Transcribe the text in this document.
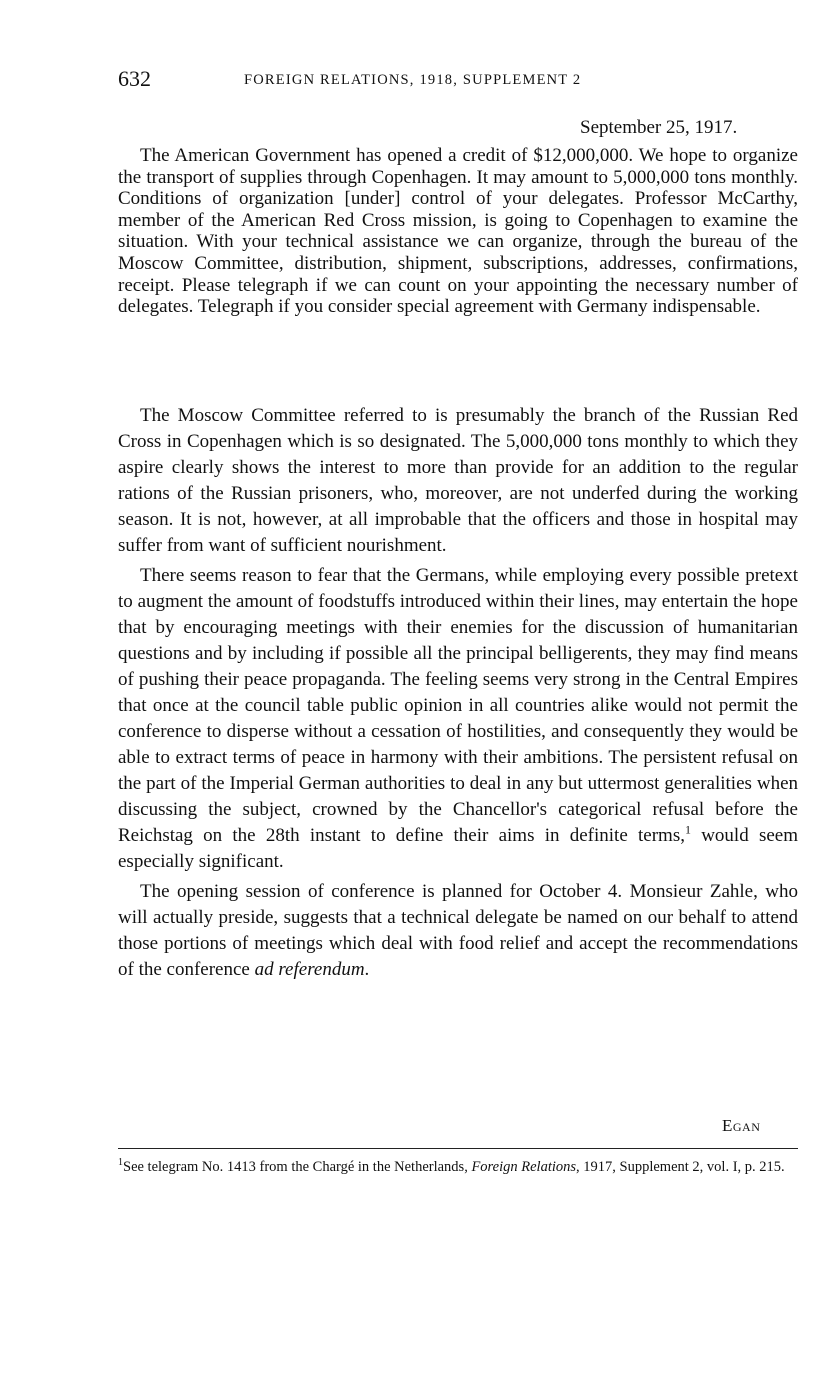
632	FOREIGN RELATIONS, 1918, SUPPLEMENT 2
September 25, 1917.

The American Government has opened a credit of $12,000,000. We hope to organize the transport of supplies through Copenhagen. It may amount to 5,000,000 tons monthly. Conditions of organization [under] control of your delegates. Professor McCarthy, member of the American Red Cross mission, is going to Copenhagen to examine the situation. With your technical assistance we can organize, through the bureau of the Moscow Committee, distribution, shipment, subscriptions, addresses, confirmations, receipt. Please telegraph if we can count on your appointing the necessary number of delegates. Telegraph if you consider special agreement with Germany indispensable.

The Moscow Committee referred to is presumably the branch of the Russian Red Cross in Copenhagen which is so designated. The 5,000,000 tons monthly to which they aspire clearly shows the interest to more than provide for an addition to the regular rations of the Russian prisoners, who, moreover, are not underfed during the working season. It is not, however, at all improbable that the officers and those in hospital may suffer from want of sufficient nourishment.

There seems reason to fear that the Germans, while employing every possible pretext to augment the amount of foodstuffs introduced within their lines, may entertain the hope that by encouraging meetings with their enemies for the discussion of humanitarian questions and by including if possible all the principal belligerents, they may find means of pushing their peace propaganda. The feeling seems very strong in the Central Empires that once at the council table public opinion in all countries alike would not permit the conference to disperse without a cessation of hostilities, and consequently they would be able to extract terms of peace in harmony with their ambitions. The persistent refusal on the part of the Imperial German authorities to deal in any but uttermost generalities when discussing the subject, crowned by the Chancellor's categorical refusal before the Reichstag on the 28th instant to define their aims in definite terms,$^1$ would seem especially significant.

The opening session of conference is planned for October 4. Monsieur Zahle, who will actually preside, suggests that a technical delegate be named on our behalf to attend those portions of meetings which deal with food relief and accept the recommendations of the conference ad referendum.

Egan
$^1$See telegram No. 1413 from the Chargé in the Netherlands, Foreign Relations, 1917, Supplement 2, vol. I, p. 215.
